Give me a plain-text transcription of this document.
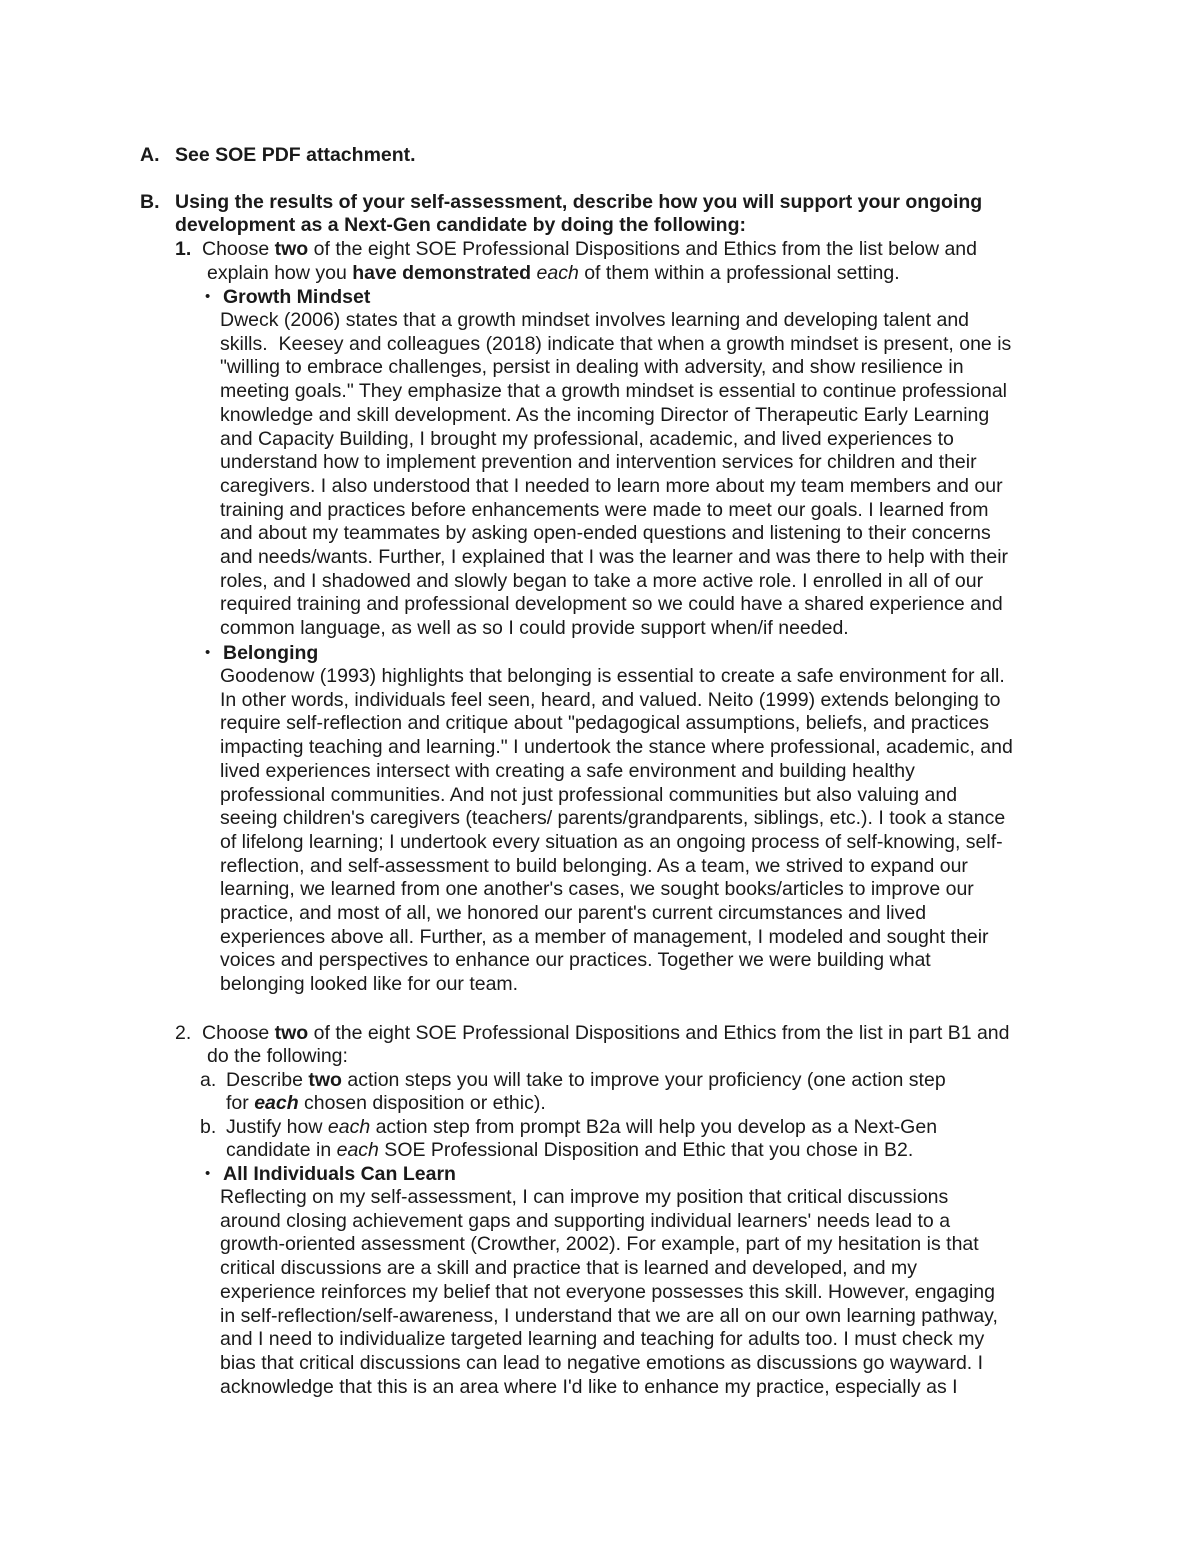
A. See SOE PDF attachment.
B. Using the results of your self-assessment, describe how you will support your ongoing
development as a Next-Gen candidate by doing the following:
1. Choose two of the eight SOE Professional Dispositions and Ethics from the list below and
explain how you have demonstrated each of them within a professional setting.
• Growth Mindset
Dweck (2006) states that a growth mindset involves learning and developing talent and
skills.  Keesey and colleagues (2018) indicate that when a growth mindset is present, one is
"willing to embrace challenges, persist in dealing with adversity, and show resilience in
meeting goals." They emphasize that a growth mindset is essential to continue professional
knowledge and skill development. As the incoming Director of Therapeutic Early Learning
and Capacity Building, I brought my professional, academic, and lived experiences to
understand how to implement prevention and intervention services for children and their
caregivers. I also understood that I needed to learn more about my team members and our
training and practices before enhancements were made to meet our goals. I learned from
and about my teammates by asking open-ended questions and listening to their concerns
and needs/wants. Further, I explained that I was the learner and was there to help with their
roles, and I shadowed and slowly began to take a more active role. I enrolled in all of our
required training and professional development so we could have a shared experience and
common language, as well as so I could provide support when/if needed.
• Belonging
Goodenow (1993) highlights that belonging is essential to create a safe environment for all.
In other words, individuals feel seen, heard, and valued. Neito (1999) extends belonging to
require self-reflection and critique about "pedagogical assumptions, beliefs, and practices
impacting teaching and learning." I undertook the stance where professional, academic, and
lived experiences intersect with creating a safe environment and building healthy
professional communities. And not just professional communities but also valuing and
seeing children's caregivers (teachers/ parents/grandparents, siblings, etc.). I took a stance
of lifelong learning; I undertook every situation as an ongoing process of self-knowing, self-
reflection, and self-assessment to build belonging. As a team, we strived to expand our
learning, we learned from one another's cases, we sought books/articles to improve our
practice, and most of all, we honored our parent's current circumstances and lived
experiences above all. Further, as a member of management, I modeled and sought their
voices and perspectives to enhance our practices. Together we were building what
belonging looked like for our team.
2. Choose two of the eight SOE Professional Dispositions and Ethics from the list in part B1 and
do the following:
a. Describe two action steps you will take to improve your proficiency (one action step
for each chosen disposition or ethic).
b. Justify how each action step from prompt B2a will help you develop as a Next-Gen
candidate in each SOE Professional Disposition and Ethic that you chose in B2.
• All Individuals Can Learn
Reflecting on my self-assessment, I can improve my position that critical discussions
around closing achievement gaps and supporting individual learners' needs lead to a
growth-oriented assessment (Crowther, 2002). For example, part of my hesitation is that
critical discussions are a skill and practice that is learned and developed, and my
experience reinforces my belief that not everyone possesses this skill. However, engaging
in self-reflection/self-awareness, I understand that we are all on our own learning pathway,
and I need to individualize targeted learning and teaching for adults too. I must check my
bias that critical discussions can lead to negative emotions as discussions go wayward. I
acknowledge that this is an area where I'd like to enhance my practice, especially as I
